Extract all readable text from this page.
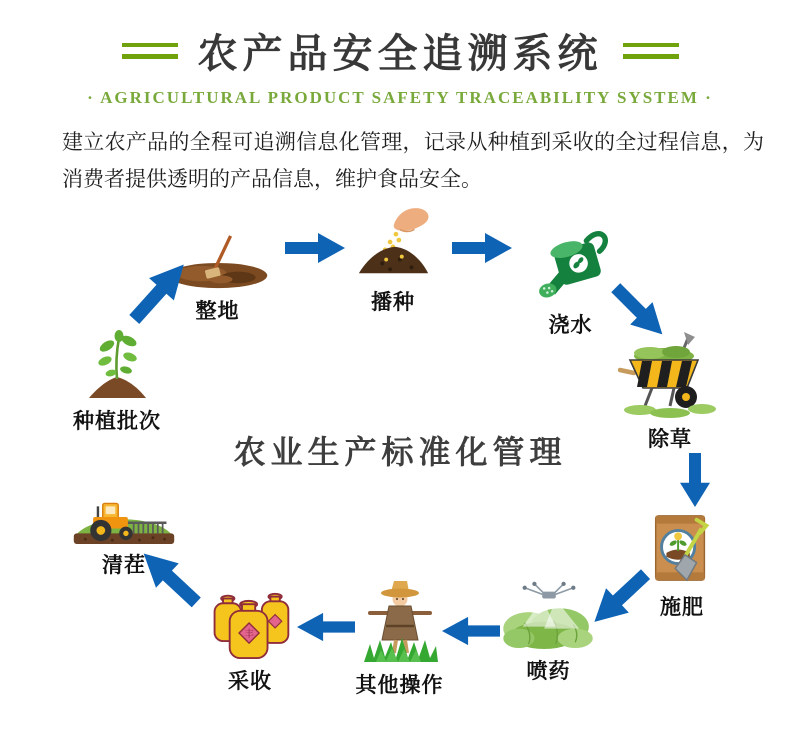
农产品安全追溯系统
· AGRICULTURAL PRODUCT SAFETY TRACEABILITY SYSTEM ·
建立农产品的全程可追溯信息化管理，记录从种植到采收的全过程信息，为消费者提供透明的产品信息，维护食品安全。
农业生产标准化管理
种植批次
整地	播种
浇水
除草
施肥
喷药
其他操作
丰
采收
清茬
